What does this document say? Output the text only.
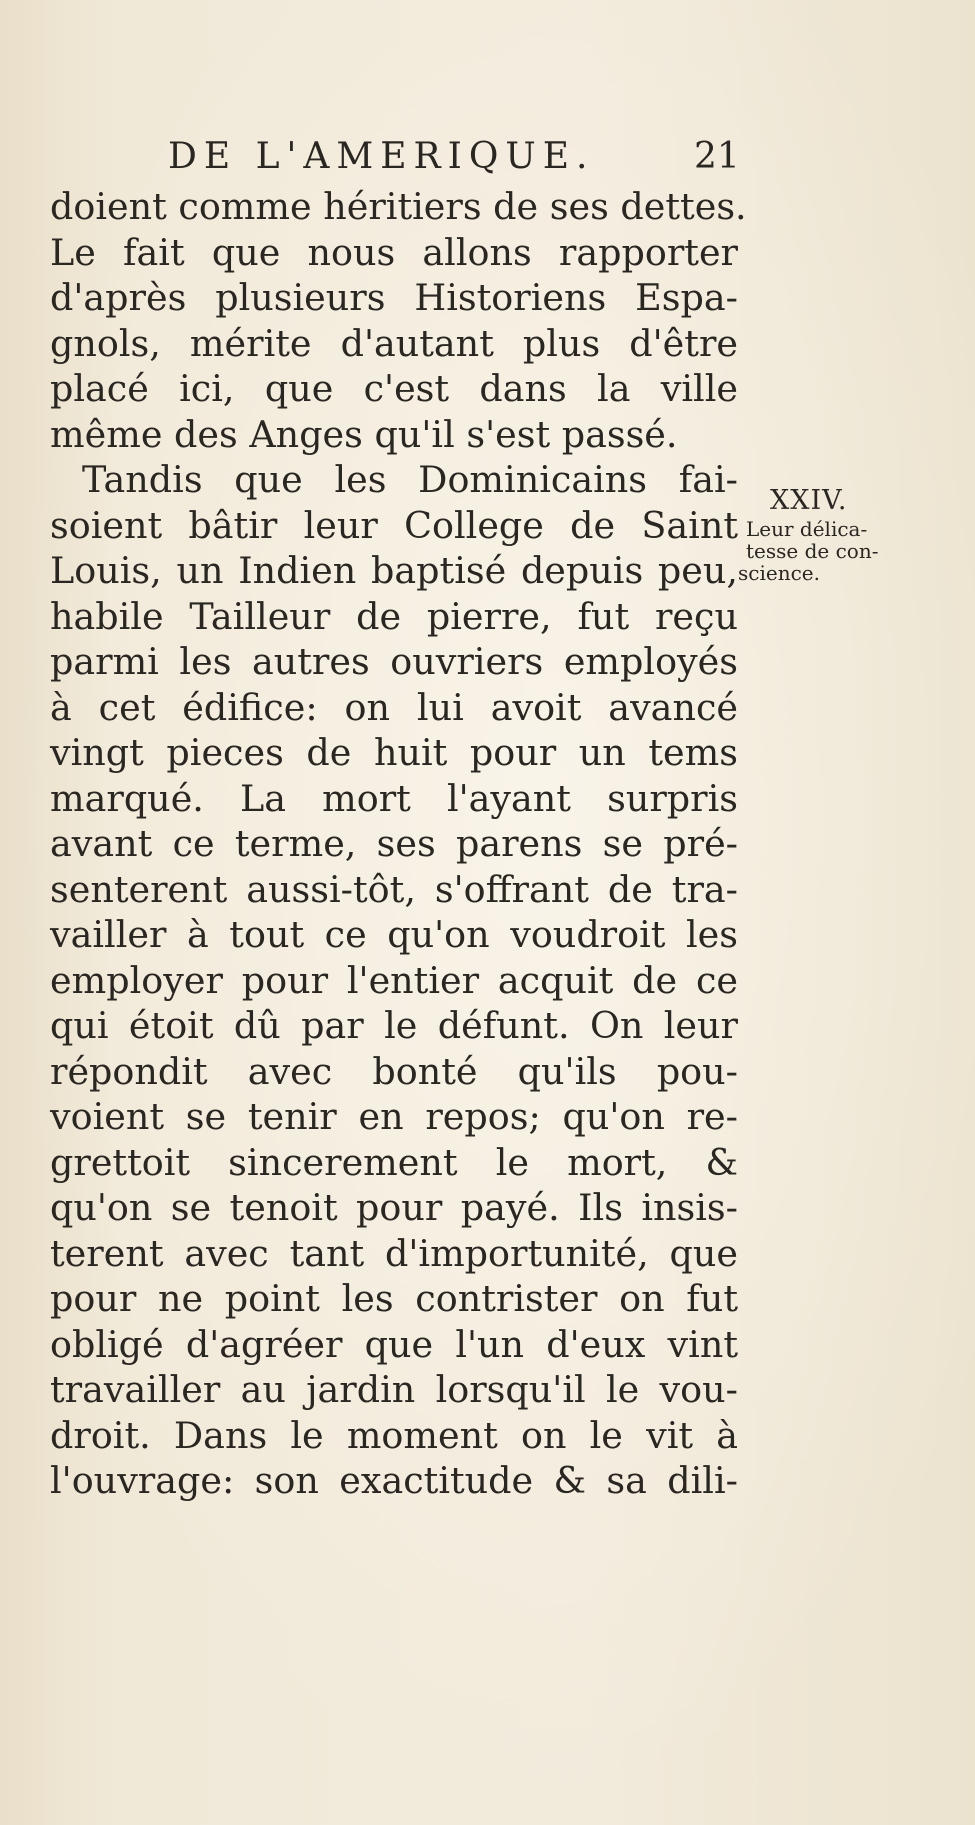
DE L'AMERIQUE.	21
doient comme héritiers de ses dettes.
Le fait que nous allons rapporter
d'après plusieurs Historiens Espa-
gnols, mérite d'autant plus d'être
placé ici, que c'est dans la ville
même des Anges qu'il s'est passé.
Tandis que les Dominicains fai-
soient bâtir leur College de Saint
Louis, un Indien baptisé depuis peu,
habile Tailleur de pierre, fut reçu
parmi les autres ouvriers employés
à cet édifice: on lui avoit avancé
vingt pieces de huit pour un tems
marqué. La mort l'ayant surpris
avant ce terme, ses parens se pré-
senterent aussi-tôt, s'offrant de tra-
vailler à tout ce qu'on voudroit les
employer pour l'entier acquit de ce
qui étoit dû par le défunt. On leur
répondit avec bonté qu'ils pou-
voient se tenir en repos; qu'on re-
grettoit sincerement le mort, &
qu'on se tenoit pour payé. Ils insis-
terent avec tant d'importunité, que
pour ne point les contrister on fut
obligé d'agréer que l'un d'eux vint
travailler au jardin lorsqu'il le vou-
droit. Dans le moment on le vit à
l'ouvrage: son exactitude & sa dili-
XXIV.
Leur délica-
tesse de con-
science.
